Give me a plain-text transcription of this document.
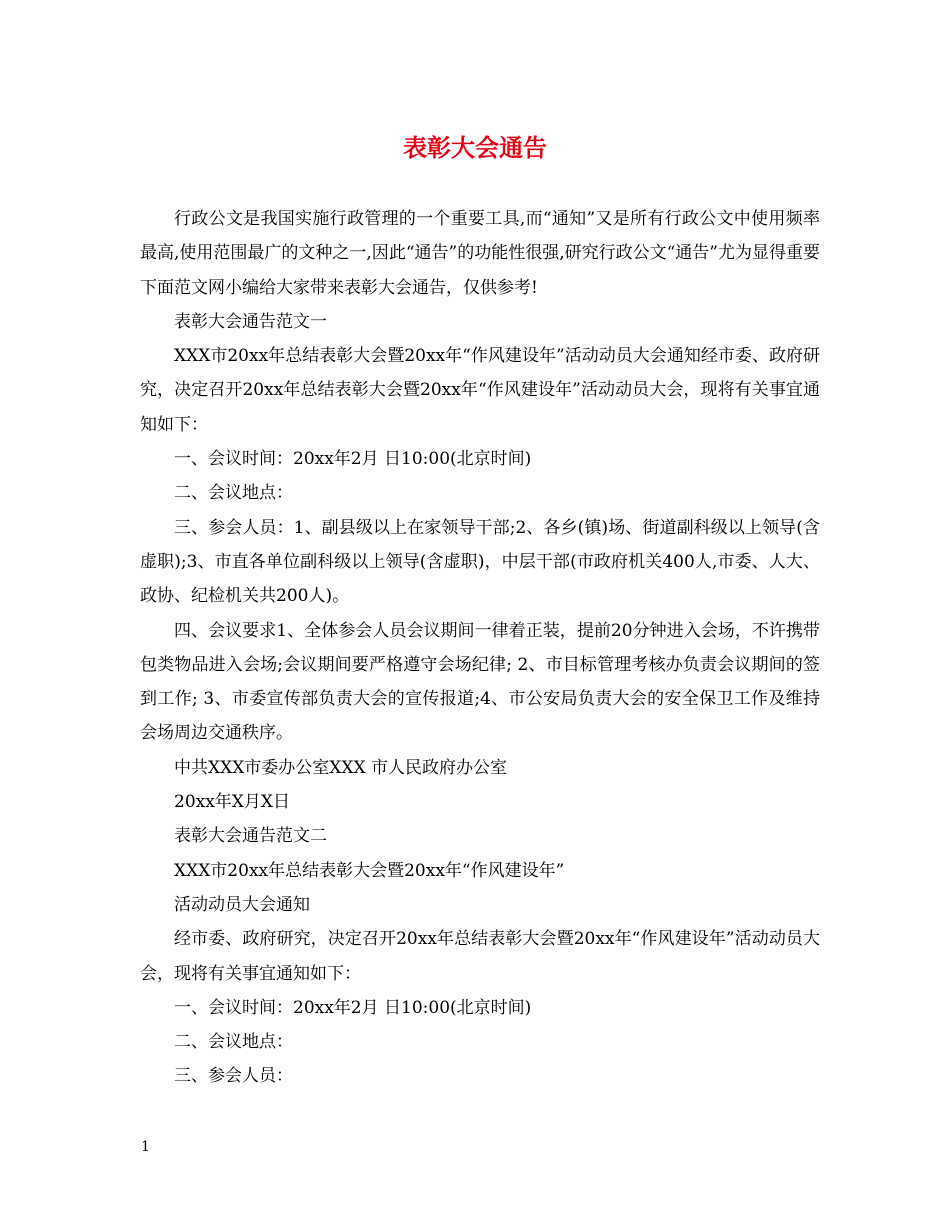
表彰大会通告

行政公文是我国实施行政管理的一个重要工具,而“通知”又是所有行政公文中使用频率最高,使用范围最广的文种之一,因此“通告”的功能性很强,研究行政公文“通告”尤为显得重要下面范文网小编给大家带来表彰大会通告，仅供参考!

表彰大会通告范文一

XXX市20xx年总结表彰大会暨20xx年“作风建设年”活动动员大会通知经市委、政府研究，决定召开20xx年总结表彰大会暨20xx年“作风建设年”活动动员大会，现将有关事宜通知如下：

一、会议时间：20xx年2月 日10:00(北京时间)

二、会议地点：

三、参会人员：1、副县级以上在家领导干部;2、各乡(镇)场、街道副科级以上领导(含虚职);3、市直各单位副科级以上领导(含虚职)，中层干部(市政府机关400人,市委、人大、政协、纪检机关共200人)。

四、会议要求1、全体参会人员会议期间一律着正装，提前20分钟进入会场，不许携带包类物品进入会场;会议期间要严格遵守会场纪律; 2、市目标管理考核办负责会议期间的签到工作; 3、市委宣传部负责大会的宣传报道;4、市公安局负责大会的安全保卫工作及维持会场周边交通秩序。

中共XXX市委办公室XXX 市人民政府办公室

20xx年X月X日

表彰大会通告范文二

XXX市20xx年总结表彰大会暨20xx年“作风建设年”

活动动员大会通知

经市委、政府研究，决定召开20xx年总结表彰大会暨20xx年“作风建设年”活动动员大会，现将有关事宜通知如下：

一、会议时间：20xx年2月 日10:00(北京时间)

二、会议地点：

三、参会人员：

1
